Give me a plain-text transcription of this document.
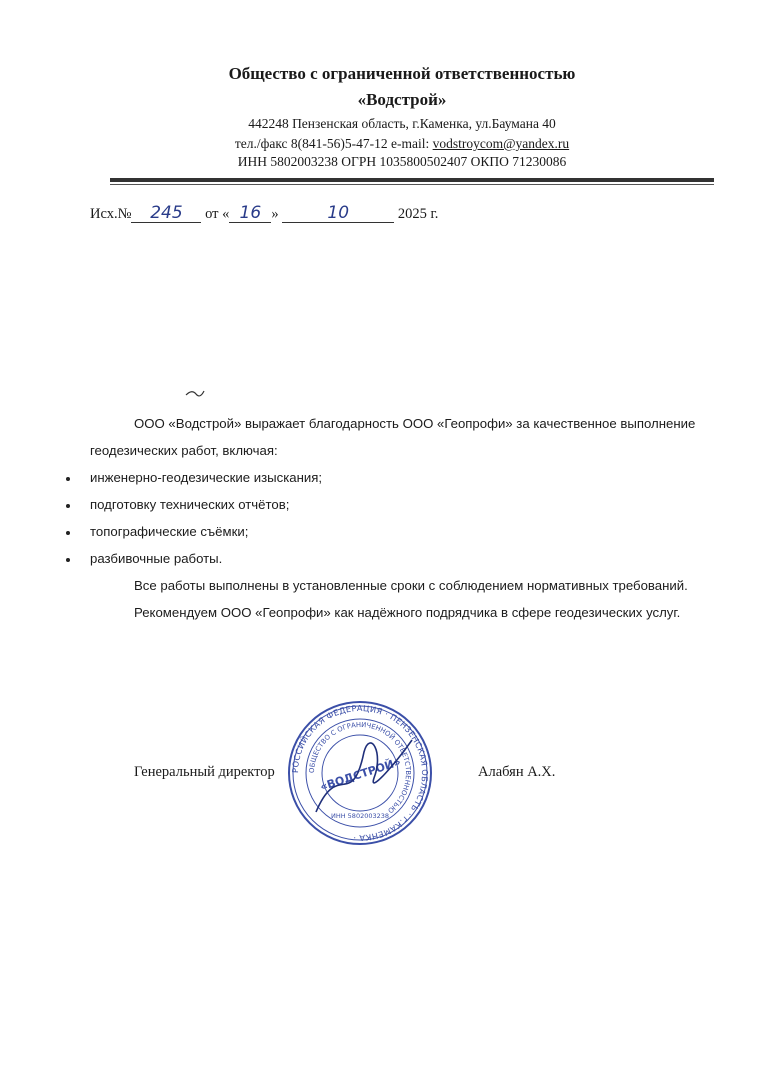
Общество с ограниченной ответственностью
«Водстрой»
442248 Пензенская область, г.Каменка, ул.Баумана 40
тел./факс 8(841-56)5-47-12 e-mail: vodstroycom@yandex.ru
ИНН 5802003238 ОГРН 1035800502407 ОКПО 71230086
Исх.№ 245 от « 16 »	10	2025 г.
ООО «Водстрой» выражает благодарность ООО «Геопрофи» за качественное выполнение
геодезических работ, включая:
инженерно-геодезические изыскания;
подготовку технических отчётов;
топографические съёмки;
разбивочные работы.
Все работы выполнены в установленные сроки с соблюдением нормативных требований.
Рекомендуем ООО «Геопрофи» как надёжного подрядчика в сфере геодезических услуг.
Генеральный директор	Алабян А.Х.
РОССИЙСКАЯ ФЕДЕРАЦИЯ · ПЕНЗЕНСКАЯ ОБЛАСТЬ · г.КАМЕНКА ·
ОБЩЕСТВО С ОГРАНИЧЕННОЙ ОТВЕТСТВЕННОСТЬЮ
«ВОДСТРОЙ»
ИНН 5802003238
